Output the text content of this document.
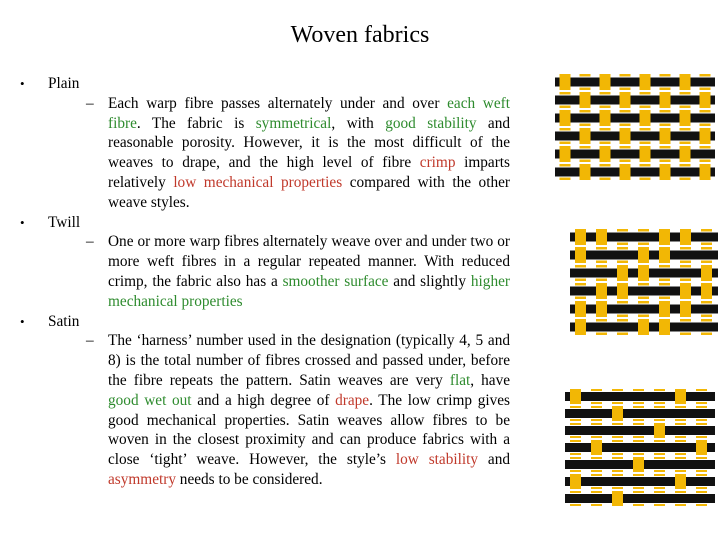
Woven fabrics
• Plain
– Each warp fibre passes alternately under and over each weft fibre. The fabric is symmetrical, with good stability and reasonable porosity. However, it is the most difficult of the weaves to drape, and the high level of fibre crimp imparts relatively low mechanical properties compared with the other weave styles.
• Twill
– One or more warp fibres alternately weave over and under two or more weft fibres in a regular repeated manner. With reduced crimp, the fabric also has a smoother surface and slightly higher mechanical properties
• Satin
– The ‘harness’ number used in the designation (typically 4, 5 and 8) is the total number of fibres crossed and passed under, before the fibre repeats the pattern. Satin weaves are very flat, have good wet out and a high degree of drape. The low crimp gives good mechanical properties. Satin weaves allow fibres to be woven in the closest proximity and can produce fabrics with a close ‘tight’ weave. However, the style’s low stability and asymmetry needs to be considered.
